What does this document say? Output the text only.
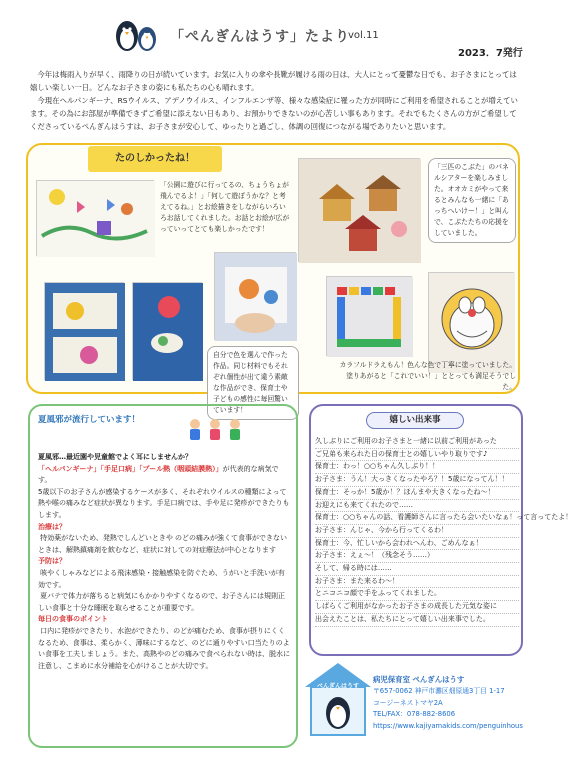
「ぺんぎんはうす」たより
vol.11
2023．7発行

今年は梅雨入りが早く、雨降りの日が続いています。お気に入りの傘や長靴が履ける雨の日は、大人にとって憂鬱な日でも、お子さまにとっては嬉しい楽しい一日。どんなお子さまの姿にも私たちの心も晴れます。

今現在ヘルパンギーナ、RSウイルス、アデノウイルス、インフルエンザ等、様々な感染症に罹った方が同時にご利用を希望されることが増えています。その為にお部屋が準備できずご希望に添えない日もあり、お預かりできないのが心苦しい事もあります。それでもたくさんの方がご希望してくださっているぺんぎんはうすは、お子さまが安心して、ゆったりと過ごし、体調の回復につながる場でありたいと思います。

たのしかったね！
「公園に遊びに行ってるの、ちょうちょが飛んでるよ！」「何して遊ぼうかな？と考えてるね。」とお絵描きをしながらいろいろお話してくれました。お話とお絵が広がっていってとても楽しかったです！
「三匹のこぶた」のパネルシアターを楽しみました。オオカミがやって来るとみんなも一緒に「あっちへいけー！」と叫んで、こぶたたちの応援をしていました。
自分で色を選んで作った作品。同じ材料でもそれぞれ個性が出て違う素敵な作品ができ、保育士や子どもの感性に毎回驚いています！
カラフルドラえもん！色んな色で丁寧に塗っていました。塗りあがると「これでいい！」ととっても満足そうでした。
夏風邪が流行しています！
夏風邪…最近園や児童館でよく耳にしませんか？
「ヘルパンギーナ」「手足口病」「プール熱（咽頭結膜熱）」が代表的な病気です。
5歳以下のお子さんが感染するケースが多く、それぞれウイルスの種類によって熱や喉の痛みなど症状が異なります。手足口病では、手や足に発疹ができたりもします。
治療は？
特効薬がないため、発熱でしんどいときや のどの痛みが強くて食事ができないときは、解熱鎮痛剤を飲むなど、症状に対しての対症療法が中心となります
予防は？
咳やくしゃみなどによる飛沫感染・接触感染を防ぐため、うがいと手洗いが有効です。
夏バテで体力が落ちると病気にもかかりやすくなるので、お子さんには規則正しい食事と十分な睡眠を取らせることが重要です。
毎日の食事のポイント
口内に発疹ができたり、水泡ができたり、のどが痛むため、食事が摂りにくくなるため、食事は、柔らかく、薄味にするなど、のどに通りやすい口当たりのよい食事を工夫しましょう。また、高熱やのどの痛みで食べられない時は、脱水に注意し、こまめに水分補給を心がけることが大切です。
嬉しい出来事
久しぶりにご利用のお子さまと一緒に以前ご利用があった
ご兄弟も来られた日の保育士との嬉しいやり取りです♪
保育士：わっ！○○ちゃん久しぶり！！
お子さま：うん！大っきくなったやろ？！5歳になってん！！
保育士：そっか！5歳か！？ほんまや大きくなったね～！
お迎えにも来てくれたので……
保育士：○○ちゃんの話、看護師さんに言ったら会いたいなぁ！って言ってたよ！
お子さま：んじゃ、今から行ってくるわ！
保育士：今、忙しいから会われへんわ、ごめんなぁ！
お子さま：えぇ～！（残念そう……）
そして、帰る時には……
お子さま：また来るわ～！
とニコニコ顔で手をふってくれました。
しばらくご利用がなかったお子さまの成長した元気な姿に
出会えたことは、私たちにとって嬉しい出来事でした。
ぺんぎんはうす
病児保育室 ぺんぎんはうす
〒657-0062 神戸市灘区畑原通3丁目 1-17
コージーネストマヤ2A
TEL/FAX：078-882-8606
https://www.kajiyamakids.com/penguinhous
